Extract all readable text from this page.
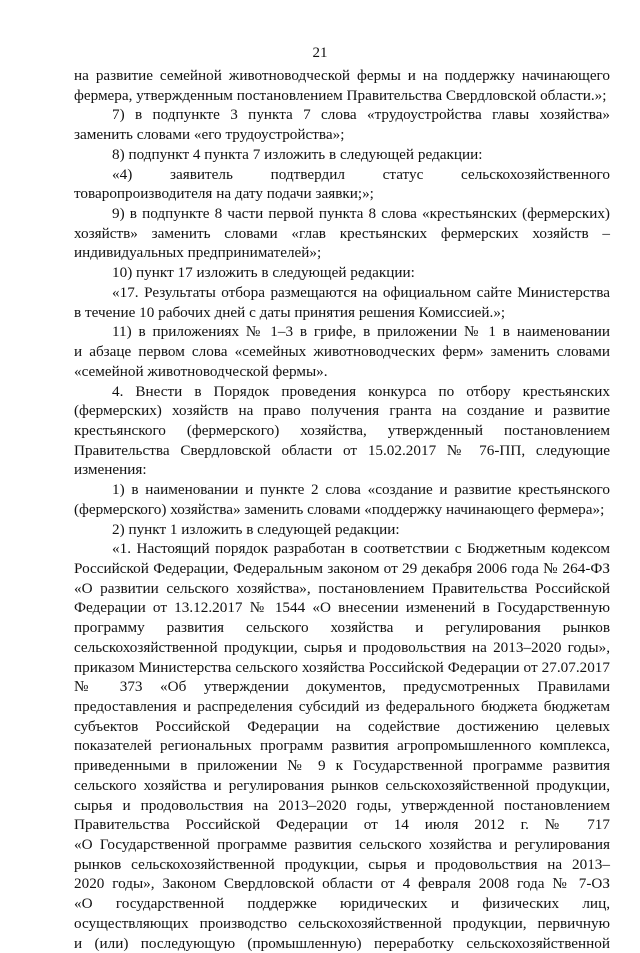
21
на развитие семейной животноводческой фермы и на поддержку начинающего
фермера, утвержденным постановлением Правительства Свердловской области.»;
7) в подпункте 3 пункта 7 слова «трудоустройства главы хозяйства»
заменить словами «его трудоустройства»;
8) подпункт 4 пункта 7 изложить в следующей редакции:
«4) заявитель подтвердил статус сельскохозяйственного
товаропроизводителя на дату подачи заявки;»;
9) в подпункте 8 части первой пункта 8 слова «крестьянских (фермерских)
хозяйств» заменить словами «глав крестьянских фермерских хозяйств –
индивидуальных предпринимателей»;
10) пункт 17 изложить в следующей редакции:
«17. Результаты отбора размещаются на официальном сайте Министерства
в течение 10 рабочих дней с даты принятия решения Комиссией.»;
11) в приложениях № 1–3 в грифе, в приложении № 1 в наименовании
и абзаце первом слова «семейных животноводческих ферм» заменить словами
«семейной животноводческой фермы».
4. Внести в Порядок проведения конкурса по отбору крестьянских
(фермерских) хозяйств на право получения гранта на создание и развитие
крестьянского (фермерского) хозяйства, утвержденный постановлением
Правительства Свердловской области от 15.02.2017 № 76-ПП, следующие
изменения:
1) в наименовании и пункте 2 слова «создание и развитие крестьянского
(фермерского) хозяйства» заменить словами «поддержку начинающего фермера»;
2) пункт 1 изложить в следующей редакции:
«1. Настоящий порядок разработан в соответствии с Бюджетным кодексом
Российской Федерации, Федеральным законом от 29 декабря 2006 года № 264-ФЗ
«О развитии сельского хозяйства», постановлением Правительства Российской
Федерации от 13.12.2017 № 1544 «О внесении изменений в Государственную
программу развития сельского хозяйства и регулирования рынков
сельскохозяйственной продукции, сырья и продовольствия на 2013–2020 годы»,
приказом Министерства сельского хозяйства Российской Федерации от 27.07.2017
№ 373 «Об утверждении документов, предусмотренных Правилами
предоставления и распределения субсидий из федерального бюджета бюджетам
субъектов Российской Федерации на содействие достижению целевых
показателей региональных программ развития агропромышленного комплекса,
приведенными в приложении № 9 к Государственной программе развития
сельского хозяйства и регулирования рынков сельскохозяйственной продукции,
сырья и продовольствия на 2013–2020 годы, утвержденной постановлением
Правительства Российской Федерации от 14 июля 2012 г. № 717
«О Государственной программе развития сельского хозяйства и регулирования
рынков сельскохозяйственной продукции, сырья и продовольствия на 2013–
2020 годы», Законом Свердловской области от 4 февраля 2008 года № 7-ОЗ
«О государственной поддержке юридических и физических лиц,
осуществляющих производство сельскохозяйственной продукции, первичную
и (или) последующую (промышленную) переработку сельскохозяйственной
